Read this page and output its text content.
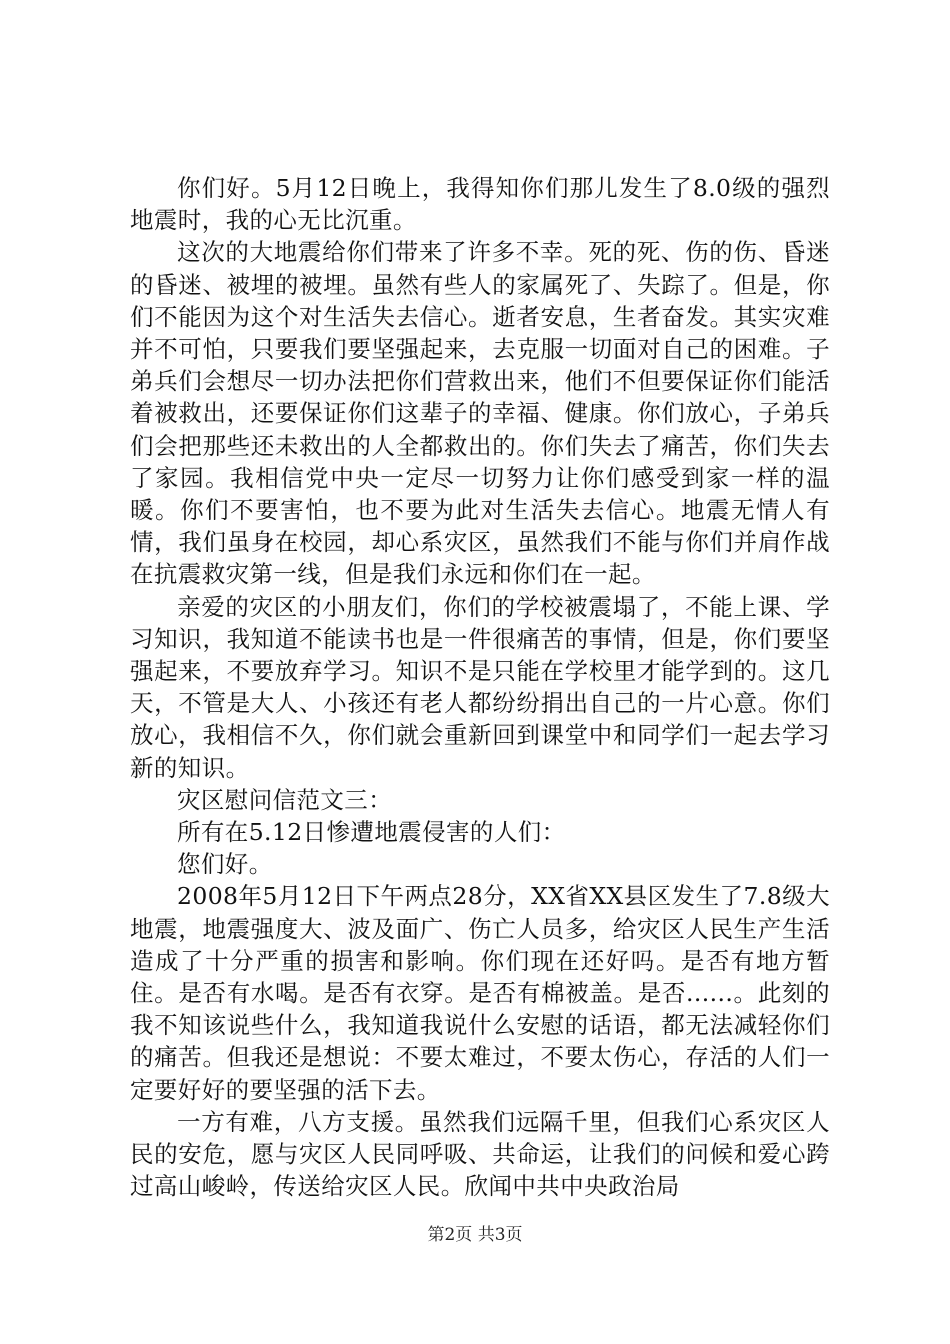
你们好。5月12日晚上，我得知你们那儿发生了8.0级的强烈地震时，我的心无比沉重。

这次的大地震给你们带来了许多不幸。死的死、伤的伤、昏迷的昏迷、被埋的被埋。虽然有些人的家属死了、失踪了。但是，你们不能因为这个对生活失去信心。逝者安息，生者奋发。其实灾难并不可怕，只要我们要坚强起来，去克服一切面对自己的困难。子弟兵们会想尽一切办法把你们营救出来，他们不但要保证你们能活着被救出，还要保证你们这辈子的幸福、健康。你们放心，子弟兵们会把那些还未救出的人全都救出的。你们失去了痛苦，你们失去了家园。我相信党中央一定尽一切努力让你们感受到家一样的温暖。你们不要害怕，也不要为此对生活失去信心。地震无情人有情，我们虽身在校园，却心系灾区，虽然我们不能与你们并肩作战在抗震救灾第一线，但是我们永远和你们在一起。

亲爱的灾区的小朋友们，你们的学校被震塌了，不能上课、学习知识，我知道不能读书也是一件很痛苦的事情，但是，你们要坚强起来，不要放弃学习。知识不是只能在学校里才能学到的。这几天，不管是大人、小孩还有老人都纷纷捐出自己的一片心意。你们放心，我相信不久，你们就会重新回到课堂中和同学们一起去学习新的知识。

灾区慰问信范文三：

所有在5.12日惨遭地震侵害的人们：

您们好。

2008年5月12日下午两点28分，XX省XX县区发生了7.8级大地震，地震强度大、波及面广、伤亡人员多，给灾区人民生产生活造成了十分严重的损害和影响。你们现在还好吗。是否有地方暂住。是否有水喝。是否有衣穿。是否有棉被盖。是否......。此刻的我不知该说些什么，我知道我说什么安慰的话语，都无法减轻你们的痛苦。但我还是想说：不要太难过，不要太伤心，存活的人们一定要好好的要坚强的活下去。

一方有难，八方支援。虽然我们远隔千里，但我们心系灾区人民的安危，愿与灾区人民同呼吸、共命运，让我们的问候和爱心跨过高山峻岭，传送给灾区人民。欣闻中共中央政治局

第2页 共3页
